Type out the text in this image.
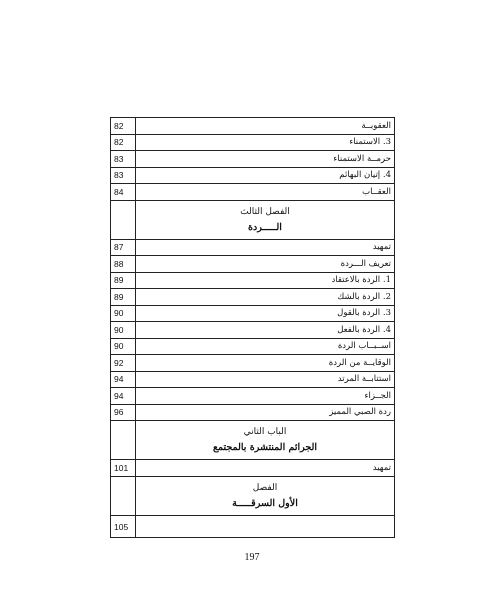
82	العقوبــة
82	3. الاستمناء
83	حرمــة الاستمناء
83	4. إتيان البهائم
84	العقــاب

	الفصل الثالث
الـــــردة

87	تمهيد
88	تعريف الـــردة
89	1. الردة بالاعتقاد
89	2. الردة بالشك
90	3. الردة بالقول
90	4. الردة بالفعل
90	اســبــاب الردة
92	الوقايــة من الردة
94	استتابــة المرتد
94	الجــزاء
96	ردة الصبي المميز

	الباب الثاني
الجرائم المنتشرة بالمجتمع

101	تمهيد

	الفصل
الأول السرقـــــة

105	
197
